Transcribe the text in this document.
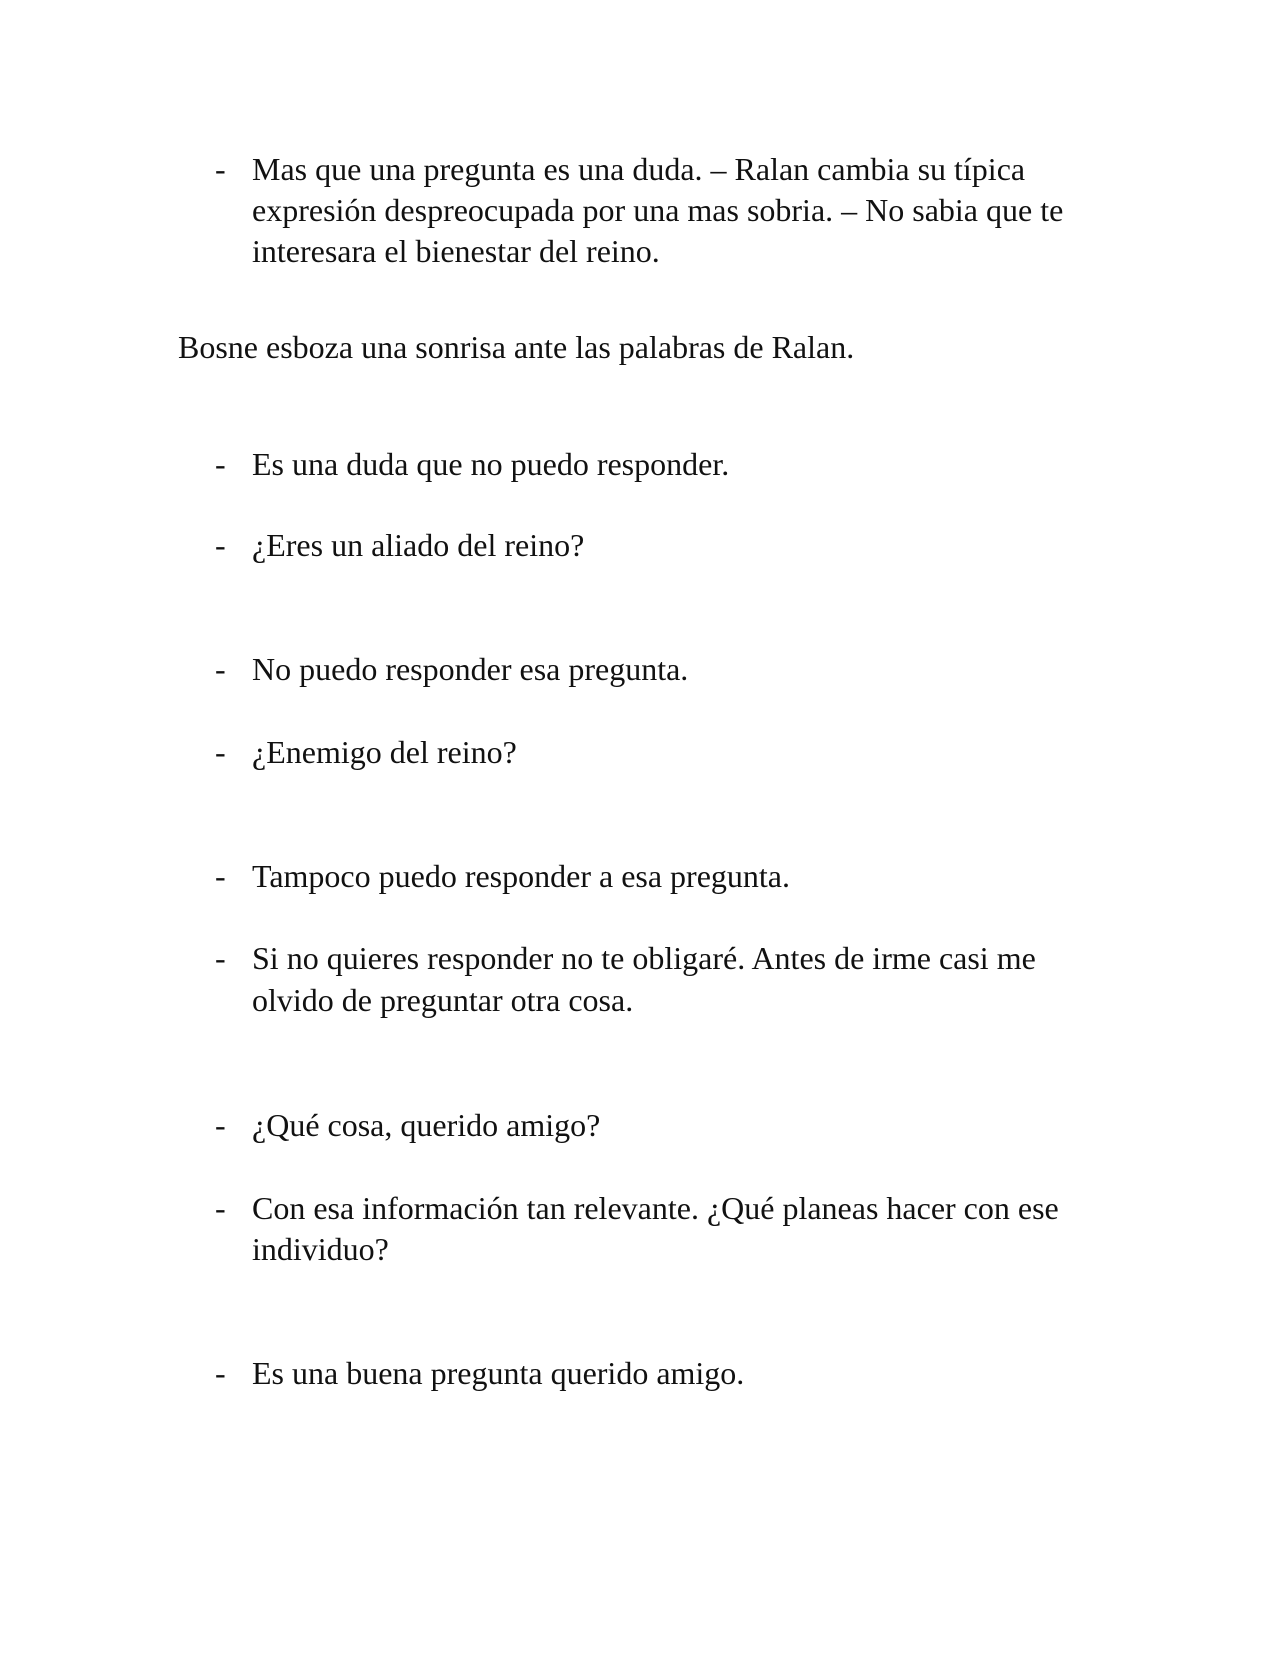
- Mas que una pregunta es una duda. – Ralan cambia su típica
expresión despreocupada por una mas sobria. – No sabia que te
interesara el bienestar del reino.
Bosne esboza una sonrisa ante las palabras de Ralan.
- Es una duda que no puedo responder.
- ¿Eres un aliado del reino?
- No puedo responder esa pregunta.
- ¿Enemigo del reino?
- Tampoco puedo responder a esa pregunta.
- Si no quieres responder no te obligaré. Antes de irme casi me
olvido de preguntar otra cosa.
- ¿Qué cosa, querido amigo?
- Con esa información tan relevante. ¿Qué planeas hacer con ese
individuo?
- Es una buena pregunta querido amigo.
